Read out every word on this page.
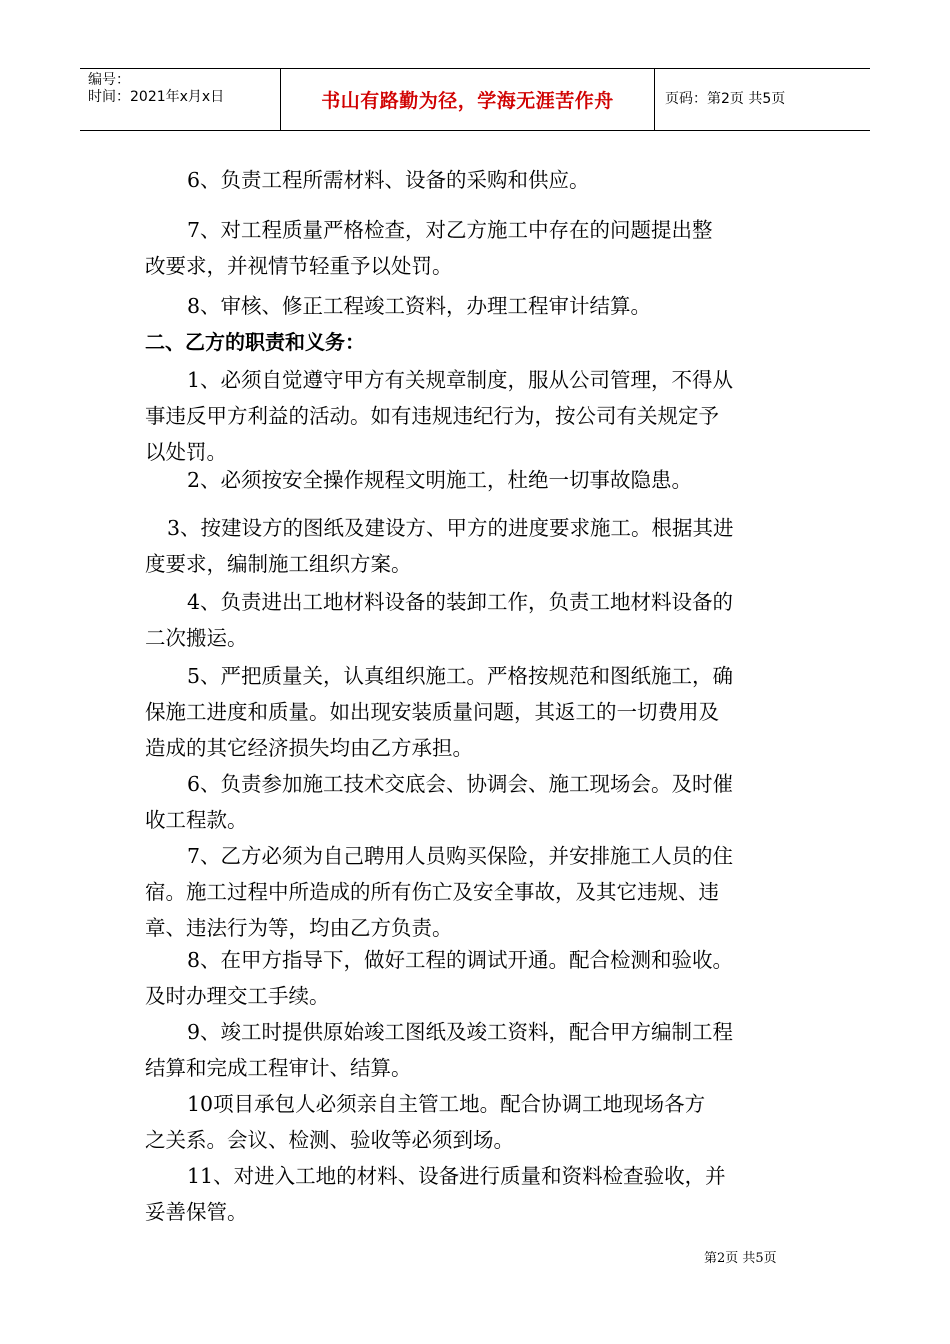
编号：
时间：2021年x月x日	书山有路勤为径，学海无涯苦作舟	页码：第2页 共5页

6、负责工程所需材料、设备的采购和供应。

7、对工程质量严格检查，对乙方施工中存在的问题提出整
改要求，并视情节轻重予以处罚。

8、审核、修正工程竣工资料，办理工程审计结算。

二、乙方的职责和义务：

1、必须自觉遵守甲方有关规章制度，服从公司管理，不得从
事违反甲方利益的活动。如有违规违纪行为，按公司有关规定予
以处罚。

2、必须按安全操作规程文明施工，杜绝一切事故隐患。

3、按建设方的图纸及建设方、甲方的进度要求施工。根据其进
度要求，编制施工组织方案。

4、负责进出工地材料设备的装卸工作，负责工地材料设备的
二次搬运。

5、严把质量关，认真组织施工。严格按规范和图纸施工，确
保施工进度和质量。如出现安装质量问题，其返工的一切费用及
造成的其它经济损失均由乙方承担。

6、负责参加施工技术交底会、协调会、施工现场会。及时催
收工程款。

7、乙方必须为自己聘用人员购买保险，并安排施工人员的住
宿。施工过程中所造成的所有伤亡及安全事故，及其它违规、违
章、违法行为等，均由乙方负责。

8、在甲方指导下，做好工程的调试开通。配合检测和验收。
及时办理交工手续。

9、竣工时提供原始竣工图纸及竣工资料，配合甲方编制工程
结算和完成工程审计、结算。

10项目承包人必须亲自主管工地。配合协调工地现场各方
之关系。会议、检测、验收等必须到场。

11、对进入工地的材料、设备进行质量和资料检查验收，并
妥善保管。

第2页 共5页
